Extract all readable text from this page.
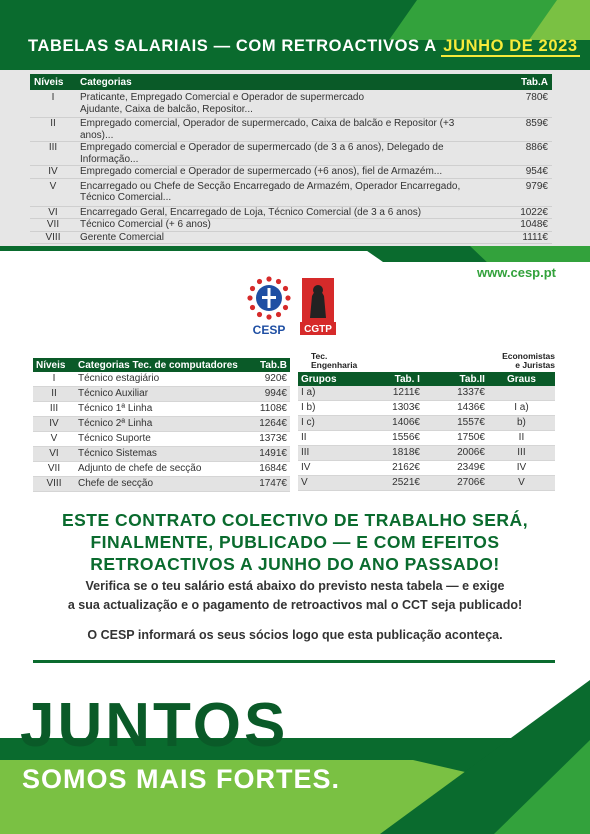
TABELAS SALARIAIS — COM RETROACTIVOS A JUNHO DE 2023
Níveis	Categorias	Tab.A
I	Praticante, Empregado Comercial e Operador de supermercado
Ajudante, Caixa de balcão, Repositor...	780€
II	Empregado comercial, Operador de supermercado, Caixa de balcão e Repositor (+3 anos)...	859€
III	Empregado comercial e Operador de supermercado (de 3 a 6 anos), Delegado de Informação...	886€
IV	Empregado comercial e Operador de supermercado (+6 anos), fiel de Armazém...	954€
V	Encarregado ou Chefe de Secção Encarregado de Armazém, Operador Encarregado,
Técnico Comercial...	979€
VI	Encarregado Geral, Encarregado de Loja, Técnico Comercial (de 3 a 6 anos)	1022€
VII	Técnico Comercial (+ 6 anos)	1048€
VIII	Gerente Comercial	1111€
www.cesp.pt
CESP CGTP
Níveis	Categorias Tec. de computadores	Tab.B
I	Técnico estagiário	920€
II	Técnico Auxiliar	994€
III	Técnico 1ª Linha	1108€
IV	Técnico 2ª Linha	1264€
V	Técnico Suporte	1373€
VI	Técnico Sistemas	1491€
VII	Adjunto de chefe de secção	1684€
VIII	Chefe de secção	1747€
Tec.
Engenharia
Economistas
e Juristas
Grupos	Tab. I	Tab.II	Graus
I a)	1211€	1337€	
I b)	1303€	1436€	I a)
I c)	1406€	1557€	b)
II	1556€	1750€	II
III	1818€	2006€	III
IV	2162€	2349€	IV
V	2521€	2706€	V
ESTE CONTRATO COLECTIVO DE TRABALHO SERÁ,
FINALMENTE, PUBLICADO — E COM EFEITOS
RETROACTIVOS A JUNHO DO ANO PASSADO!
Verifica se o teu salário está abaixo do previsto nesta tabela — e exige
a sua actualização e o pagamento de retroactivos mal o CCT seja publicado!
O CESP informará os seus sócios logo que esta publicação aconteça.
JUNTOS
SOMOS MAIS FORTES.
